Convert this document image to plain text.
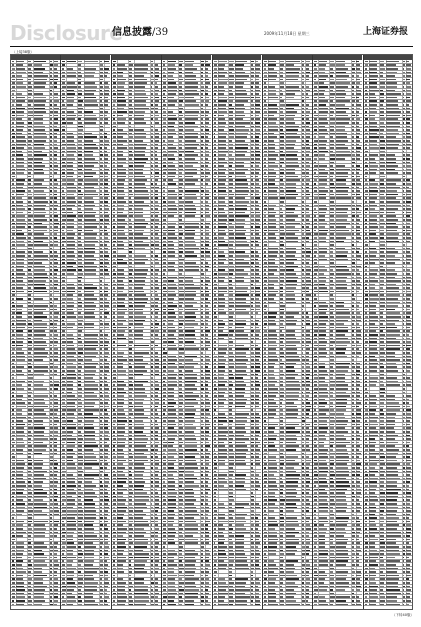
Disclosure
信息披露/39	2009年11月18日 星期三	上海证券报
（上接38版）
（下转40版）
